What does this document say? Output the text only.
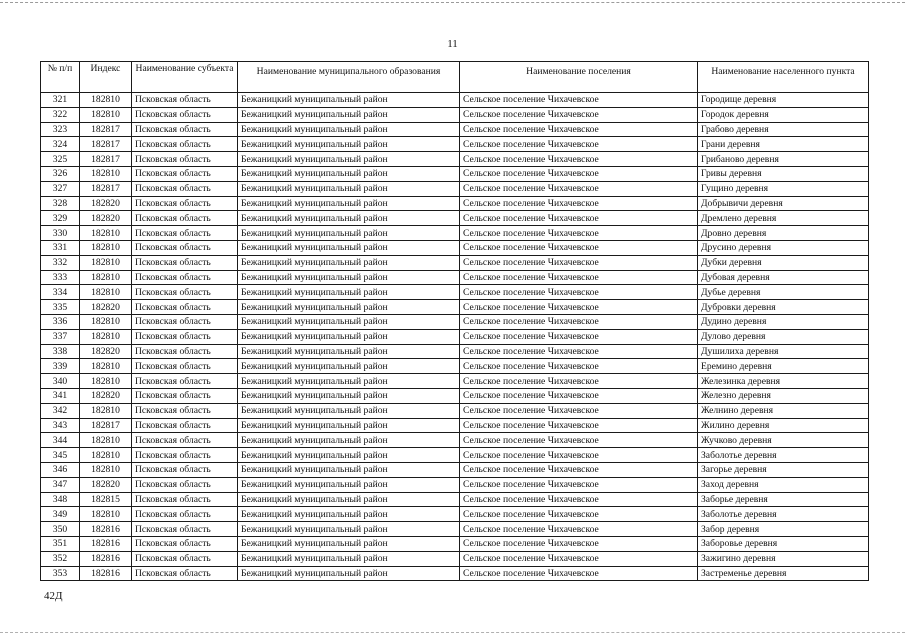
11
№ п/п	Индекс	Наименование субъекта	Наименование муниципального образования	Наименование поселения	Наименование населенного пункта
321	182810	Псковская область	Бежаницкий муниципальный район	Сельское поселение Чихачевское	Городище деревня
322	182810	Псковская область	Бежаницкий муниципальный район	Сельское поселение Чихачевское	Городок деревня
323	182817	Псковская область	Бежаницкий муниципальный район	Сельское поселение Чихачевское	Грабово деревня
324	182817	Псковская область	Бежаницкий муниципальный район	Сельское поселение Чихачевское	Грани деревня
325	182817	Псковская область	Бежаницкий муниципальный район	Сельское поселение Чихачевское	Грибаново деревня
326	182810	Псковская область	Бежаницкий муниципальный район	Сельское поселение Чихачевское	Гривы деревня
327	182817	Псковская область	Бежаницкий муниципальный район	Сельское поселение Чихачевское	Гущино деревня
328	182820	Псковская область	Бежаницкий муниципальный район	Сельское поселение Чихачевское	Добрывичи деревня
329	182820	Псковская область	Бежаницкий муниципальный район	Сельское поселение Чихачевское	Дремлено деревня
330	182810	Псковская область	Бежаницкий муниципальный район	Сельское поселение Чихачевское	Дровно деревня
331	182810	Псковская область	Бежаницкий муниципальный район	Сельское поселение Чихачевское	Друсино деревня
332	182810	Псковская область	Бежаницкий муниципальный район	Сельское поселение Чихачевское	Дубки деревня
333	182810	Псковская область	Бежаницкий муниципальный район	Сельское поселение Чихачевское	Дубовая деревня
334	182810	Псковская область	Бежаницкий муниципальный район	Сельское поселение Чихачевское	Дубье деревня
335	182820	Псковская область	Бежаницкий муниципальный район	Сельское поселение Чихачевское	Дубровки деревня
336	182810	Псковская область	Бежаницкий муниципальный район	Сельское поселение Чихачевское	Дудино деревня
337	182810	Псковская область	Бежаницкий муниципальный район	Сельское поселение Чихачевское	Дулово деревня
338	182820	Псковская область	Бежаницкий муниципальный район	Сельское поселение Чихачевское	Душилиха деревня
339	182810	Псковская область	Бежаницкий муниципальный район	Сельское поселение Чихачевское	Еремино деревня
340	182810	Псковская область	Бежаницкий муниципальный район	Сельское поселение Чихачевское	Железинка деревня
341	182820	Псковская область	Бежаницкий муниципальный район	Сельское поселение Чихачевское	Железно деревня
342	182810	Псковская область	Бежаницкий муниципальный район	Сельское поселение Чихачевское	Желнино деревня
343	182817	Псковская область	Бежаницкий муниципальный район	Сельское поселение Чихачевское	Жилино деревня
344	182810	Псковская область	Бежаницкий муниципальный район	Сельское поселение Чихачевское	Жучково деревня
345	182810	Псковская область	Бежаницкий муниципальный район	Сельское поселение Чихачевское	Заболотье деревня
346	182810	Псковская область	Бежаницкий муниципальный район	Сельское поселение Чихачевское	Загорье деревня
347	182820	Псковская область	Бежаницкий муниципальный район	Сельское поселение Чихачевское	Заход деревня
348	182815	Псковская область	Бежаницкий муниципальный район	Сельское поселение Чихачевское	Заборье деревня
349	182810	Псковская область	Бежаницкий муниципальный район	Сельское поселение Чихачевское	Заболотье деревня
350	182816	Псковская область	Бежаницкий муниципальный район	Сельское поселение Чихачевское	Забор деревня
351	182816	Псковская область	Бежаницкий муниципальный район	Сельское поселение Чихачевское	Заборовье деревня
352	182816	Псковская область	Бежаницкий муниципальный район	Сельское поселение Чихачевское	Зажигино деревня
353	182816	Псковская область	Бежаницкий муниципальный район	Сельское поселение Чихачевское	Застременье деревня
42Д
